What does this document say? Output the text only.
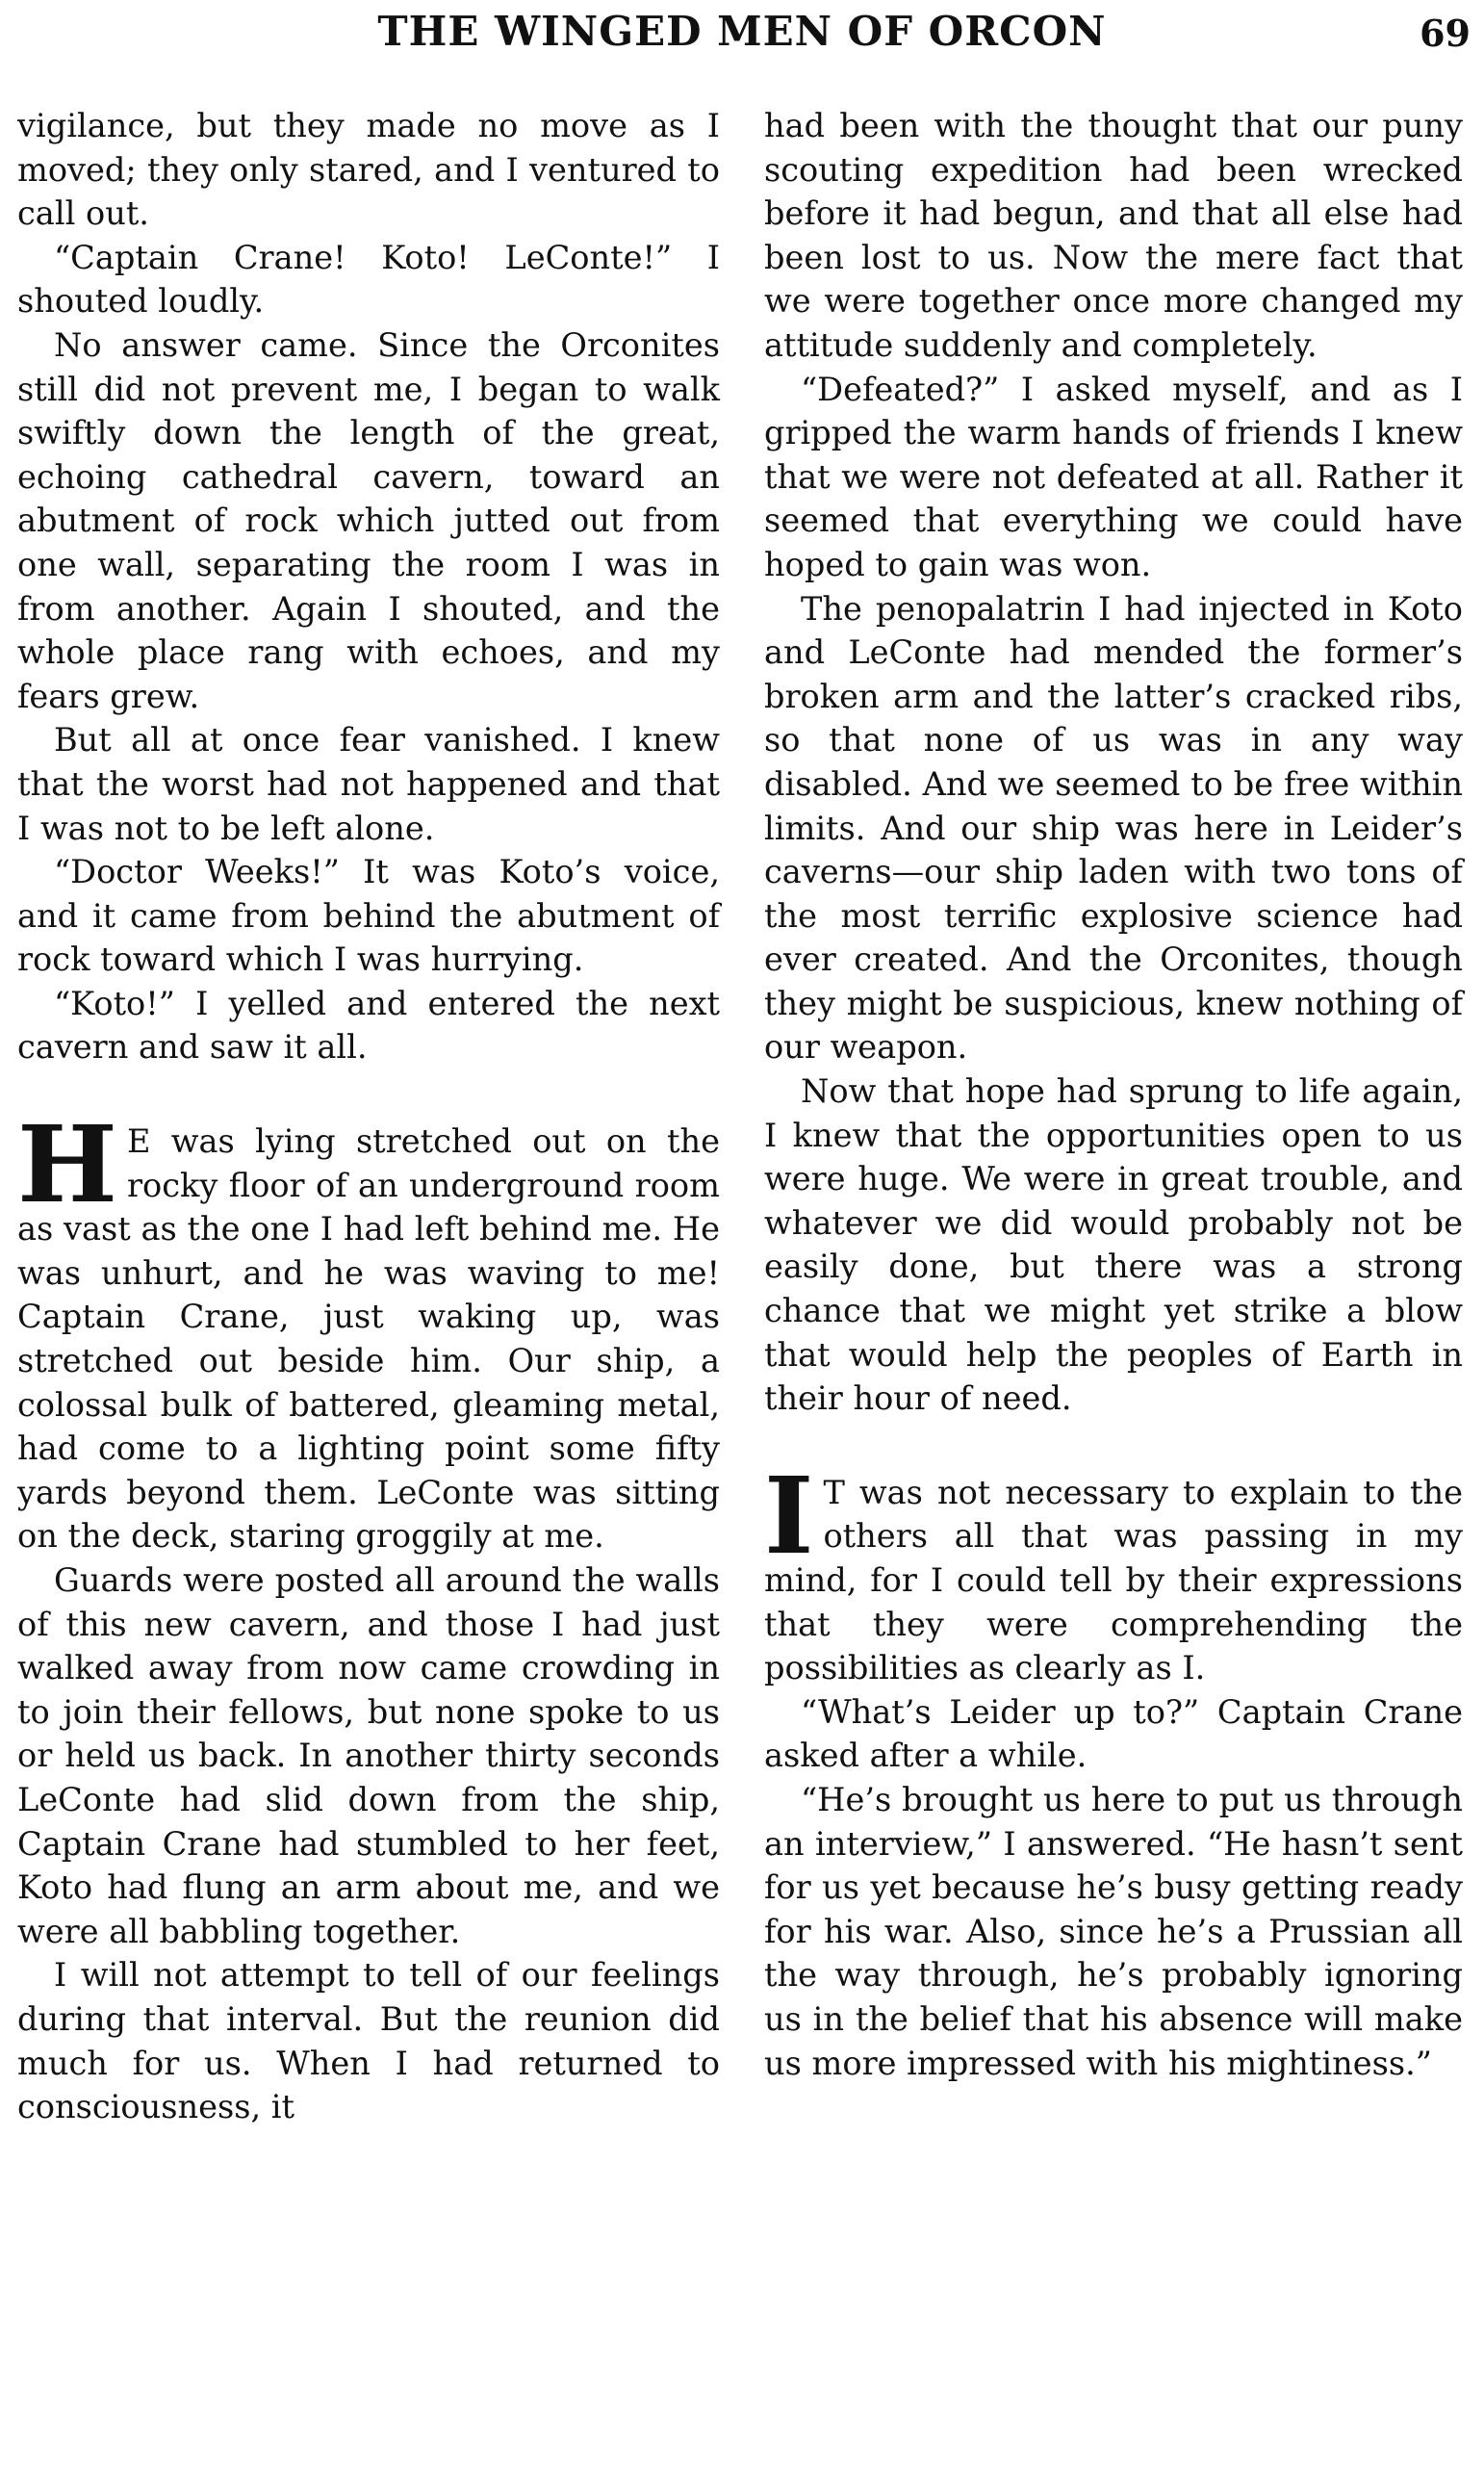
THE WINGED MEN OF ORCON	69

vigilance, but they made no move as I moved; they only stared, and I ventured to call out.

“Captain Crane! Koto! LeConte!” I shouted loudly.

No answer came. Since the Orconites still did not prevent me, I began to walk swiftly down the length of the great, echoing cathedral cavern, toward an abutment of rock which jutted out from one wall, separating the room I was in from another. Again I shouted, and the whole place rang with echoes, and my fears grew.

But all at once fear vanished. I knew that the worst had not happened and that I was not to be left alone.

“Doctor Weeks!” It was Koto’s voice, and it came from behind the abutment of rock toward which I was hurrying.

“Koto!” I yelled and entered the next cavern and saw it all.

H E was lying stretched out on the rocky floor of an underground room as vast as the one I had left behind me. He was unhurt, and he was waving to me! Captain Crane, just waking up, was stretched out beside him. Our ship, a colossal bulk of battered, gleaming metal, had come to a lighting point some fifty yards beyond them. LeConte was sitting on the deck, staring groggily at me.

Guards were posted all around the walls of this new cavern, and those I had just walked away from now came crowding in to join their fellows, but none spoke to us or held us back. In another thirty seconds LeConte had slid down from the ship, Captain Crane had stumbled to her feet, Koto had flung an arm about me, and we were all babbling together.

I will not attempt to tell of our feelings during that interval. But the reunion did much for us. When I had returned to consciousness, it

had been with the thought that our puny scouting expedition had been wrecked before it had begun, and that all else had been lost to us. Now the mere fact that we were together once more changed my attitude suddenly and completely.

“Defeated?” I asked myself, and as I gripped the warm hands of friends I knew that we were not defeated at all. Rather it seemed that everything we could have hoped to gain was won.

The penopalatrin I had injected in Koto and LeConte had mended the former’s broken arm and the latter’s cracked ribs, so that none of us was in any way disabled. And we seemed to be free within limits. And our ship was here in Leider’s caverns—our ship laden with two tons of the most terrific explosive science had ever created. And the Orconites, though they might be suspicious, knew nothing of our weapon.

Now that hope had sprung to life again, I knew that the opportunities open to us were huge. We were in great trouble, and whatever we did would probably not be easily done, but there was a strong chance that we might yet strike a blow that would help the peoples of Earth in their hour of need.

I T was not necessary to explain to the others all that was passing in my mind, for I could tell by their expressions that they were comprehending the possibilities as clearly as I.

“What’s Leider up to?” Captain Crane asked after a while.

“He’s brought us here to put us through an interview,” I answered. “He hasn’t sent for us yet because he’s busy getting ready for his war. Also, since he’s a Prussian all the way through, he’s probably ignoring us in the belief that his absence will make us more impressed with his mightiness.”
